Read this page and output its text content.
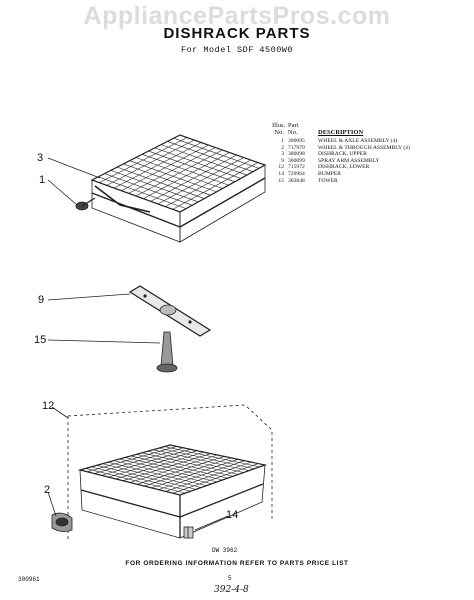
AppliancePartsPros.com
DISHRACK PARTS
For Model SDF 4500W0
Illus. Part
No. No.	DESCRIPTION
1 300095	WHEEL & AXLE ASSEMBLY (4)
2 717979	WHEEL & THROUGH ASSEMBLY (4)
3 300098	DISHRACK, UPPER
9 300099	SPRAY ARM ASSEMBLY
12 715972	DISHRACK, LOWER
14 729964	BUMPER
15 303848	TOWER
3
1
9
15
12
2
14
DW 3962
FOR ORDERING INFORMATION REFER TO PARTS PRICE LIST
300961	5
392-4-8
